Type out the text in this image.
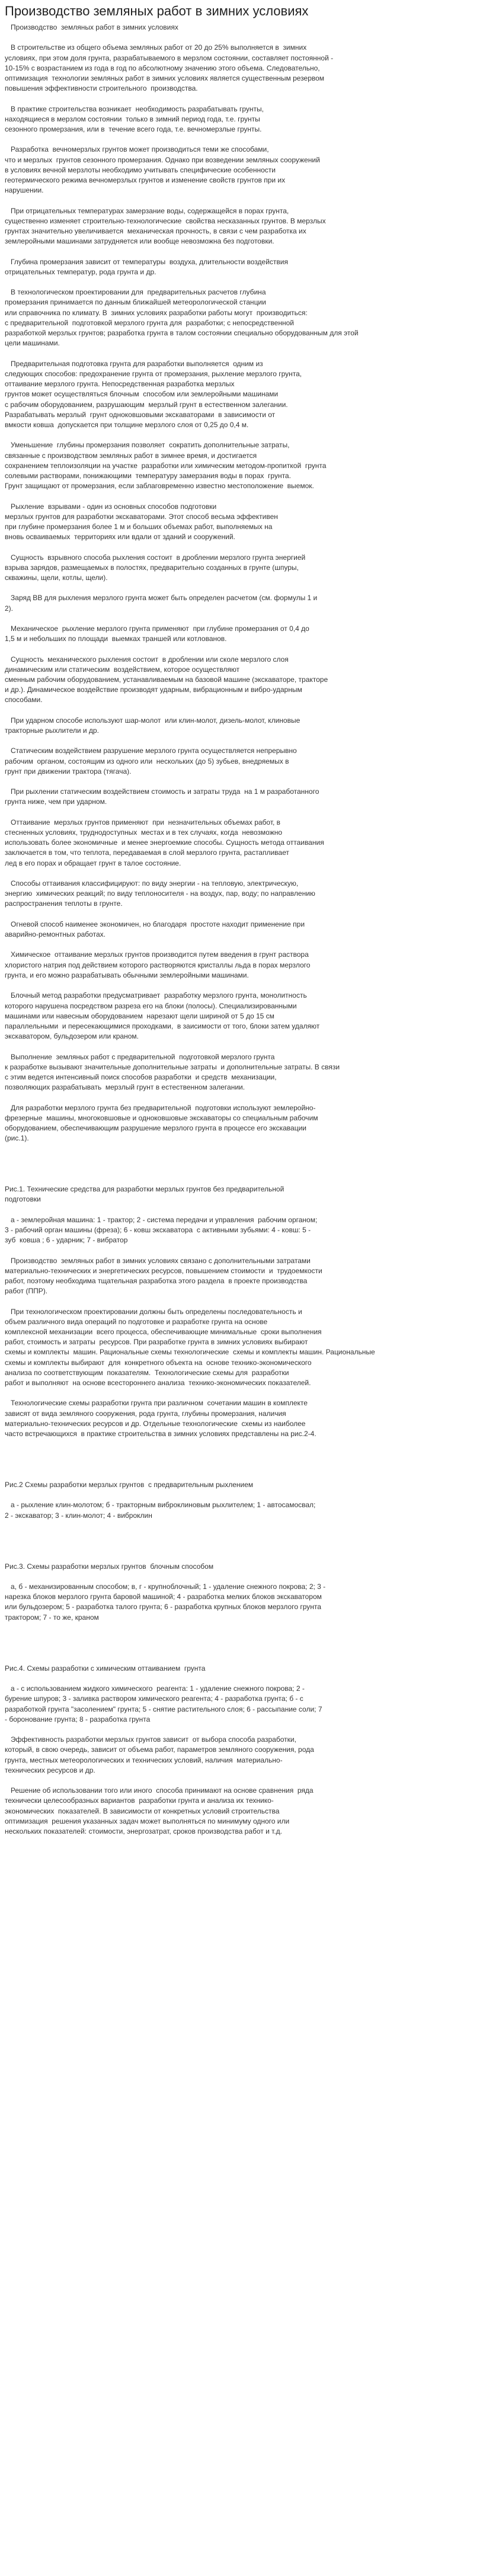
Производство земляных работ в зимних условиях
Производство  земляных работ в зимних условиях

В строительстве из общего объема земляных работ от 20 до 25% выполняется в  зимних
условиях, при этом доля грунта, разрабатываемого в мерзлом состоянии, составляет постоянной -
10-15% с возрастанием из года в год по абсолютному значению этого объема. Следовательно,
оптимизация  технологии земляных работ в зимних условиях является существенным резервом
повышения эффективности строительного  производства.

В практике строительства возникает  необходимость разрабатывать грунты,
находящиеся в мерзлом состоянии  только в зимний период года, т.е. грунты
сезонного промерзания, или в  течение всего года, т.е. вечномерзлые грунты.

Разработка  вечномерзлых грунтов может производиться теми же способами,
что и мерзлых  грунтов сезонного промерзания. Однако при возведении земляных сооружений
в условиях вечной мерзлоты необходимо учитывать специфические особенности
геотермического режима вечномерзлых грунтов и изменение свойств грунтов при их
нарушении.

При отрицательных температурах замерзание воды, содержащейся в порах грунта,
существенно изменяет строительно-технологические  свойства несказанных грунтов. В мерзлых
грунтах значительно увеличивается  механическая прочность, в связи с чем разработка их
землеройными машинами затрудняется или вообще невозможна без подготовки.

Глубина промерзания зависит от температуры  воздуха, длительности воздействия
отрицательных температур, рода грунта и др.

В технологическом проектировании для  предварительных расчетов глубина
промерзания принимается по данным ближайшей метеорологической станции
или справочника по климату. В  зимних условиях разработки работы могут  производиться:
с предварительной  подготовкой мерзлого грунта для  разработки; с непосредственной
разработкой мерзлых грунтов; разработка грунта в талом состоянии специально оборудованным для этой
цели машинами.

Предварительная подготовка грунта для разработки выполняется  одним из
следующих способов: предохранение грунта от промерзания, рыхление мерзлого грунта,
оттаивание мерзлого грунта. Непосредственная разработка мерзлых
грунтов может осуществляться блочным  способом или землеройными машинами
с рабочим оборудованием, разрушающим  мерзлый грунт в естественном залегании.
Разрабатывать мерзлый  грунт одноковшовыми экскаваторами  в зависимости от
вмкости ковша  допускается при толщине мерзлого слоя от 0,25 до 0,4 м.

Уменьшение  глубины промерзания позволяет  сократить дополнительные затраты,
связанные с производством земляных работ в зимнее время, и достигается
сохранением теплоизоляции на участке  разработки или химическим методом-пропиткой  грунта
солевыми растворами, понижающими  температуру замерзания воды в порах  грунта.
Грунт защищают от промерзания, если заблаговременно известно местоположение  выемок.

Рыхление  взрывами - один из основных способов подготовки
мерзлых грунтов для разработки экскаваторами. Этот способ весьма эффективен
при глубине промерзания более 1 м и больших объемах работ, выполняемых на
вновь осваиваемых  территориях или вдали от зданий и сооружений.

Сущность  взрывного способа рыхления состоит  в дроблении мерзлого грунта энергией
взрыва зарядов, размещаемых в полостях, предварительно созданных в грунте (шпуры,
скважины, щели, котлы, щели).

Заряд ВВ для рыхления мерзлого грунта может быть определен расчетом (см. формулы 1 и
2).

Механическое  рыхление мерзлого грунта применяют  при глубине промерзания от 0,4 до
1,5 м и небольших по площади  выемках траншей или котлованов.

Сущность  механического рыхления состоит  в дроблении или сколе мерзлого слоя
динамическим или статическим  воздействием, которое осуществляют
сменным рабочим оборудованием, устанавливаемым на базовой машине (экскаваторе, тракторе
и др.). Динамическое воздействие производят ударным, вибрационным и вибро-ударным
способами.

При ударном способе используют шар-молот  или клин-молот, дизель-молот, клиновые
тракторные рыхлители и др.

Статическим воздействием разрушение мерзлого грунта осуществляется непрерывно
рабочим  органом, состоящим из одного или  нескольких (до 5) зубьев, внедряемых в
грунт при движении трактора (тягача).

При рыхлении статическим воздействием стоимость и затраты труда  на 1 м разработанного
грунта ниже, чем при ударном.

Оттаивание  мерзлых грунтов применяют  при  незначительных объемах работ, в
стесненных условиях, труднодоступных  местах и в тех случаях, когда  невозможно
использовать более экономичные  и менее энергоемкие способы. Сущность метода оттаивания
заключается в том, что теплота, передаваемая в слой мерзлого грунта, растапливает
лед в его порах и обращает грунт в талое состояние.

Способы оттаивания классифицируют: по виду энергии - на тепловую, электрическую,
энергию  химических реакций; по виду теплоносителя - на воздух, пар, воду; по направлению
распространения теплоты в грунте.

Огневой способ наименее экономичен, но благодаря  простоте находит применение при
аварийно-ремонтных работах.

Химическое  оттаивание мерзлых грунтов производится путем введения в грунт раствора
хлористого натрия под действием которого растворяются кристаллы льда в порах мерзлого
грунта, и его можно разрабатывать обычными землеройными машинами.

Блочный метод разработки предусматривает  разработку мерзлого грунта, монолитность
которого нарушена посредством разреза его на блоки (полосы). Специализированными
машинами или навесным оборудованием  нарезают щели шириной от 5 до 15 см
параллельными  и пересекающимися проходками,  в заисимости от того, блоки затем удаляют
экскаватором, бульдозером или краном.

Выполнение  земляных работ с предварительной  подготовкой мерзлого грунта
к разработке вызывают значительные дополнительные затраты  и дополнительные затраты. В связи
с этим ведется интенсивный поиск способов разработки  и средств  механизации,
позволяющих разрабатывать  мерзлый грунт в естественном залегании.

Для разработки мерзлого грунта без предварительной  подготовки используют землеройно-
фрезерные  машины, многоковшовые и одноковшовые экскаваторы со специальным рабочим
оборудованием, обеспечивающим разрушение мерзлого грунта в процессе его экскавации
(рис.1).

Рис.1. Технические средства для разработки мерзлых грунтов без предварительной
подготовки

а - землеройная машина: 1 - трактор; 2 - система передачи и управления  рабочим органом;
3 - рабочий орган машины (фреза); 6 - ковш экскаватора  с активными зубьями: 4 - ковш: 5 -
зуб  ковша ; 6 - ударник; 7 - вибратор

Производство  земляных работ в зимних условиях связано с дополнительными затратами
материально-технических и энергетических ресурсов, повышением стоимости  и  трудоемкости
работ, поэтому необходима тщательная разработка этого раздела  в проекте производства
работ (ППР).

При технологическом проектировании должны быть определены последовательность и
объем различного вида операций по подготовке и разработке грунта на основе
комплексной механизации  всего процесса, обеспечивающие минимальные  сроки выполнения
работ, стоимость и затраты  ресурсов. При разработке грунта в зимних условиях выбирают
схемы и комплекты  машин. Рациональные схемы технологические  схемы и комплекты машин. Рациональные
схемы и комплекты выбирают  для  конкретного объекта на  основе технико-экономического
анализа по соответствующим  показателям.  Технологические схемы для  разработки
работ и выполняют  на основе всестороннего анализа  технико-экономических показателей.

Технологические схемы разработки грунта при различном  сочетании машин в комплекте
зависят от вида земляного сооружения, рода грунта, глубины промерзания, наличия
материально-технических ресурсов и др. Отдельные технологические  схемы из наиболее
часто встречающихся  в практике строительства в зимних условиях представлены на рис.2-4.

Рис.2 Схемы разработки мерзлых грунтов  с предварительным рыхлением

а - рыхление клин-молотом; б - тракторным виброклиновым рыхлителем; 1 - автосамосвал;
2 - экскаватор; 3 - клин-молот; 4 - виброклин

Рис.3. Схемы разработки мерзлых грунтов  блочным способом

а, б - механизированным способом; в, г - крупноблочный; 1 - удаление снежного покрова; 2; 3 -
нарезка блоков мерзлого грунта баровой машиной; 4 - разработка мелких блоков экскаватором
или бульдозером; 5 - разработка талого грунта; 6 - разработка крупных блоков мерзлого грунта
трактором; 7 - то же, краном

Рис.4. Схемы разработки с химическим оттаиванием  грунта

а - с использованием жидкого химического  реагента: 1 - удаление снежного покрова; 2 -
бурение шпуров; 3 - заливка раствором химического реагента; 4 - разработка грунта; б - с
разработкой грунта "засолением" грунта; 5 - снятие растительного слоя; 6 - рассыпание соли; 7
- боронование грунта; 8 - разработка грунта

Эффективность разработки мерзлых грунтов зависит  от выбора способа разработки,
который, в свою очередь, зависит от объема работ, параметров земляного сооружения, рода
грунта, местных метеорологических и технических условий, наличия  материально-
технических ресурсов и др.

Решение об использовании того или иного  способа принимают на основе сравнения  ряда
технически целесообразных вариантов  разработки грунта и анализа их технико-
экономических  показателей. В зависимости от конкретных условий строительства
оптимизация  решения указанных задач может выполняться по минимуму одного или
нескольких показателей: стоимости, энергозатрат, сроков производства работ и т.д.
